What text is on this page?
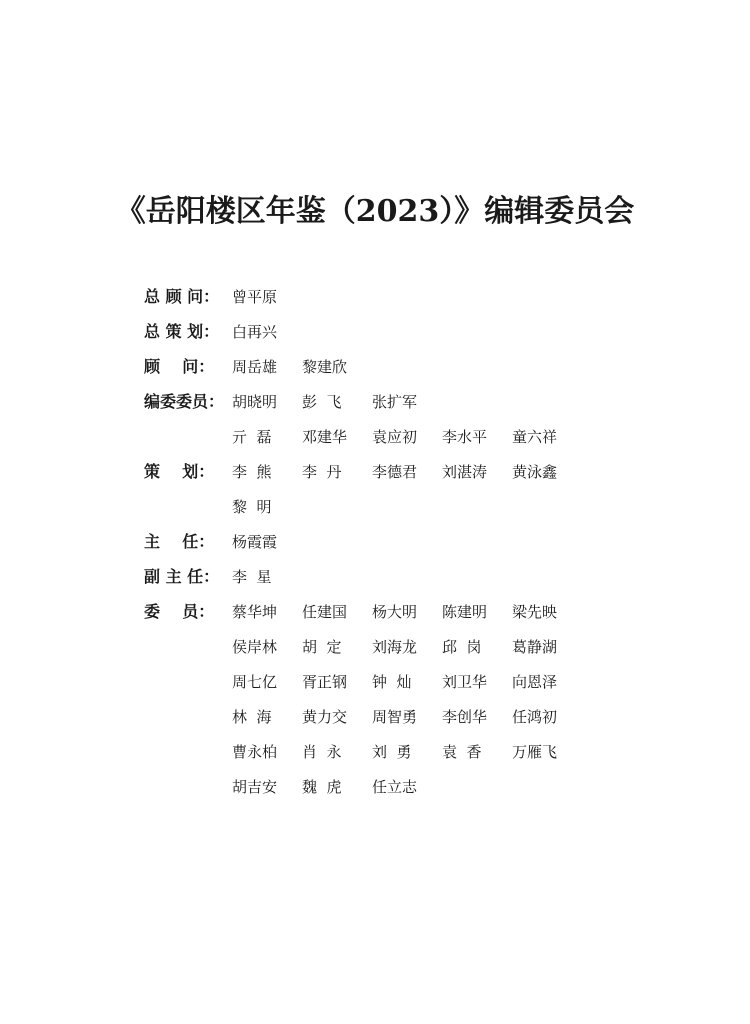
《岳阳楼区年鉴（2023）》编辑委员会
总 顾 问： 曾平原
总 策 划： 白再兴
顾    问：	周岳雄 黎建欣
编委委员： 胡晓明 彭  飞 张扩军
亓  磊 邓建华 袁应初 李水平 童六祥
策    划：	李  熊 李  丹 李德君 刘湛涛 黄泳鑫
黎  明
主    任：	杨霞霞
副 主 任： 李  星
委    员：	蔡华坤 任建国 杨大明 陈建明 梁先映
侯岸林 胡  定 刘海龙 邱  岗 葛静湖
周七亿 胥正钢 钟  灿 刘卫华 向恩泽
林  海 黄力交 周智勇 李创华 任鸿初
曹永柏 肖  永 刘  勇 袁  香 万雁飞
胡吉安 魏  虎 任立志
